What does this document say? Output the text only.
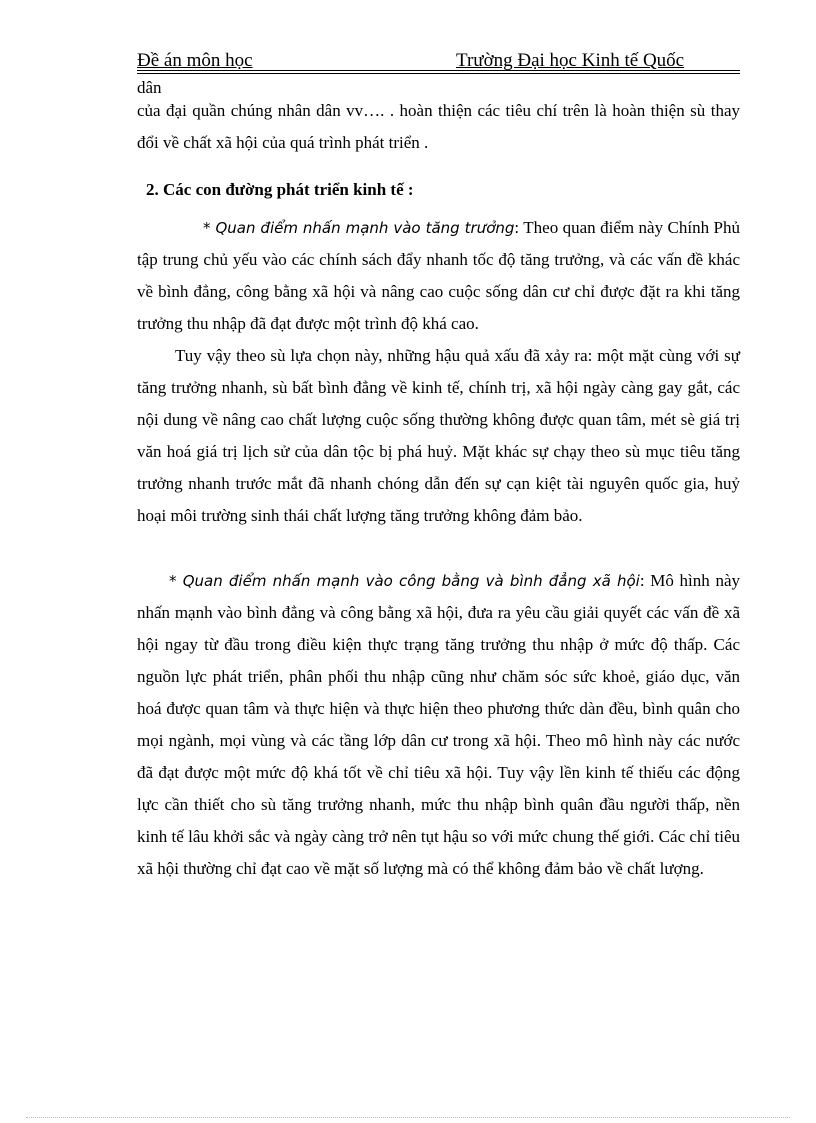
Đề án môn học	Trường Đại học Kinh tế Quốc
dân
của đại quần chúng nhân dân vv…. . hoàn thiện các tiêu chí trên là hoàn thiện sù thay đổi về chất xã hội của quá trình phát triển .
2. Các con đường phát triển kinh tế :
* Quan điểm nhấn mạnh vào tăng trưởng: Theo quan điểm này Chính Phủ tập trung chủ yếu vào các chính sách đẩy nhanh tốc độ tăng trưởng, và các vấn đề khác về bình đẳng, công bằng xã hội và nâng cao cuộc sống dân cư chỉ được đặt ra khi tăng trưởng thu nhập đã đạt được một trình độ khá cao.
Tuy vậy theo sù lựa chọn này, những hậu quả xấu đã xảy ra: một mặt cùng với sự tăng trưởng nhanh, sù bất bình đẳng về kinh tế, chính trị, xã hội ngày càng gay gắt, các nội dung về nâng cao chất lượng cuộc sống thường không được quan tâm, mét sè giá trị văn hoá giá trị lịch sử của dân tộc bị phá huỷ. Mặt khác sự chạy theo sù mục tiêu tăng trưởng nhanh trước mắt đã nhanh chóng dẫn đến sự cạn kiệt tài nguyên quốc gia, huỷ hoại môi trường sinh thái chất lượng tăng trưởng không đảm bảo.
* Quan điểm nhấn mạnh vào công bằng và bình đẳng xã hội: Mô hình này nhấn mạnh vào bình đẳng và công bằng xã hội, đưa ra yêu cầu giải quyết các vấn đề xã hội ngay từ đầu trong điều kiện thực trạng tăng trưởng thu nhập ở mức độ thấp. Các nguồn lực phát triển, phân phối thu nhập cũng như chăm sóc sức khoẻ, giáo dục, văn hoá được quan tâm và thực hiện và thực hiện theo phương thức dàn đều, bình quân cho mọi ngành, mọi vùng và các tầng lớp dân cư trong xã hội. Theo mô hình này các nước đã đạt được một mức độ khá tốt về chỉ tiêu xã hội. Tuy vậy lền kinh tế thiếu các động lực cần thiết cho sù tăng trưởng nhanh, mức thu nhập bình quân đầu người thấp, nền kinh tế lâu khởi sắc và ngày càng trở nên tụt hậu so với mức chung thế giới. Các chỉ tiêu xã hội thường chỉ đạt cao về mặt số lượng mà có thể không đảm bảo về chất lượng.
